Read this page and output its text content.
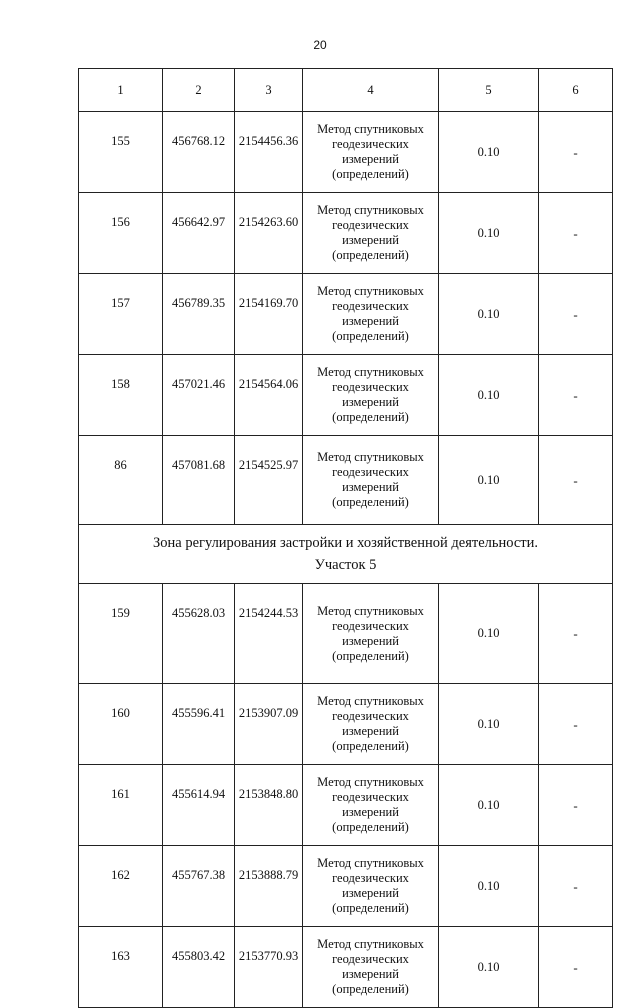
20
1	2	3	4	5	6
155	456768.12	2154456.36	Метод спутниковых
геодезических
измерений
(определений)	0.10	-
156	456642.97	2154263.60	Метод спутниковых
геодезических
измерений
(определений)	0.10	-
157	456789.35	2154169.70	Метод спутниковых
геодезических
измерений
(определений)	0.10	-
158	457021.46	2154564.06	Метод спутниковых
геодезических
измерений
(определений)	0.10	-
86	457081.68	2154525.97	Метод спутниковых
геодезических
измерений
(определений)	0.10	-

Зона регулирования застройки и хозяйственной деятельности.
Участок 5					

159	455628.03	2154244.53	Метод спутниковых
геодезических
измерений
(определений)	0.10	-
160	455596.41	2153907.09	Метод спутниковых
геодезических
измерений
(определений)	0.10	-
161	455614.94	2153848.80	Метод спутниковых
геодезических
измерений
(определений)	0.10	-
162	455767.38	2153888.79	Метод спутниковых
геодезических
измерений
(определений)	0.10	-
163	455803.42	2153770.93	Метод спутниковых
геодезических
измерений
(определений)	0.10	-
